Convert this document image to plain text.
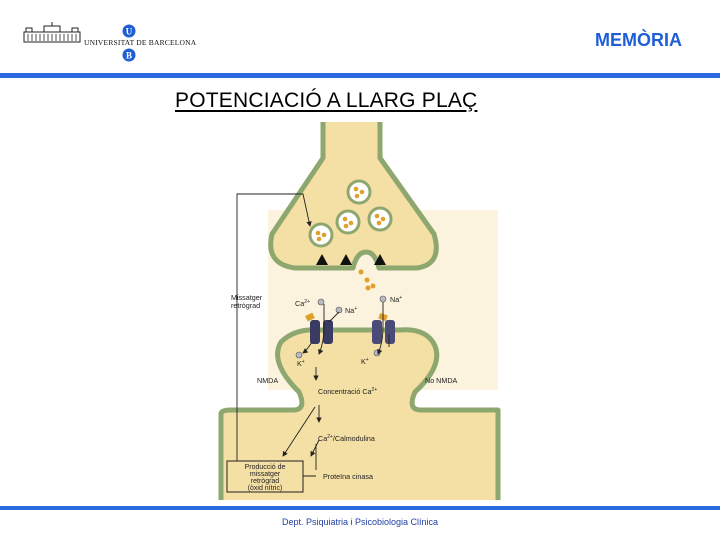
U
B
UNIVERSITAT DE BARCELONA	MEMÒRIA
POTENCIACIÓ A LLARG PLAÇ
Missatger
retrògrad	$Ca^{2+}$
Na+
Na+
K+	K+
NMDA	No NMDA
Concentració $Ca^{2+}$
$Ca^{2+}$/Calmodulina
Proteïna cinasa
Producció de
missatger
retrògrad
(òxid nítric)
Dept. Psiquiatria i Psicobiologia Clínica
